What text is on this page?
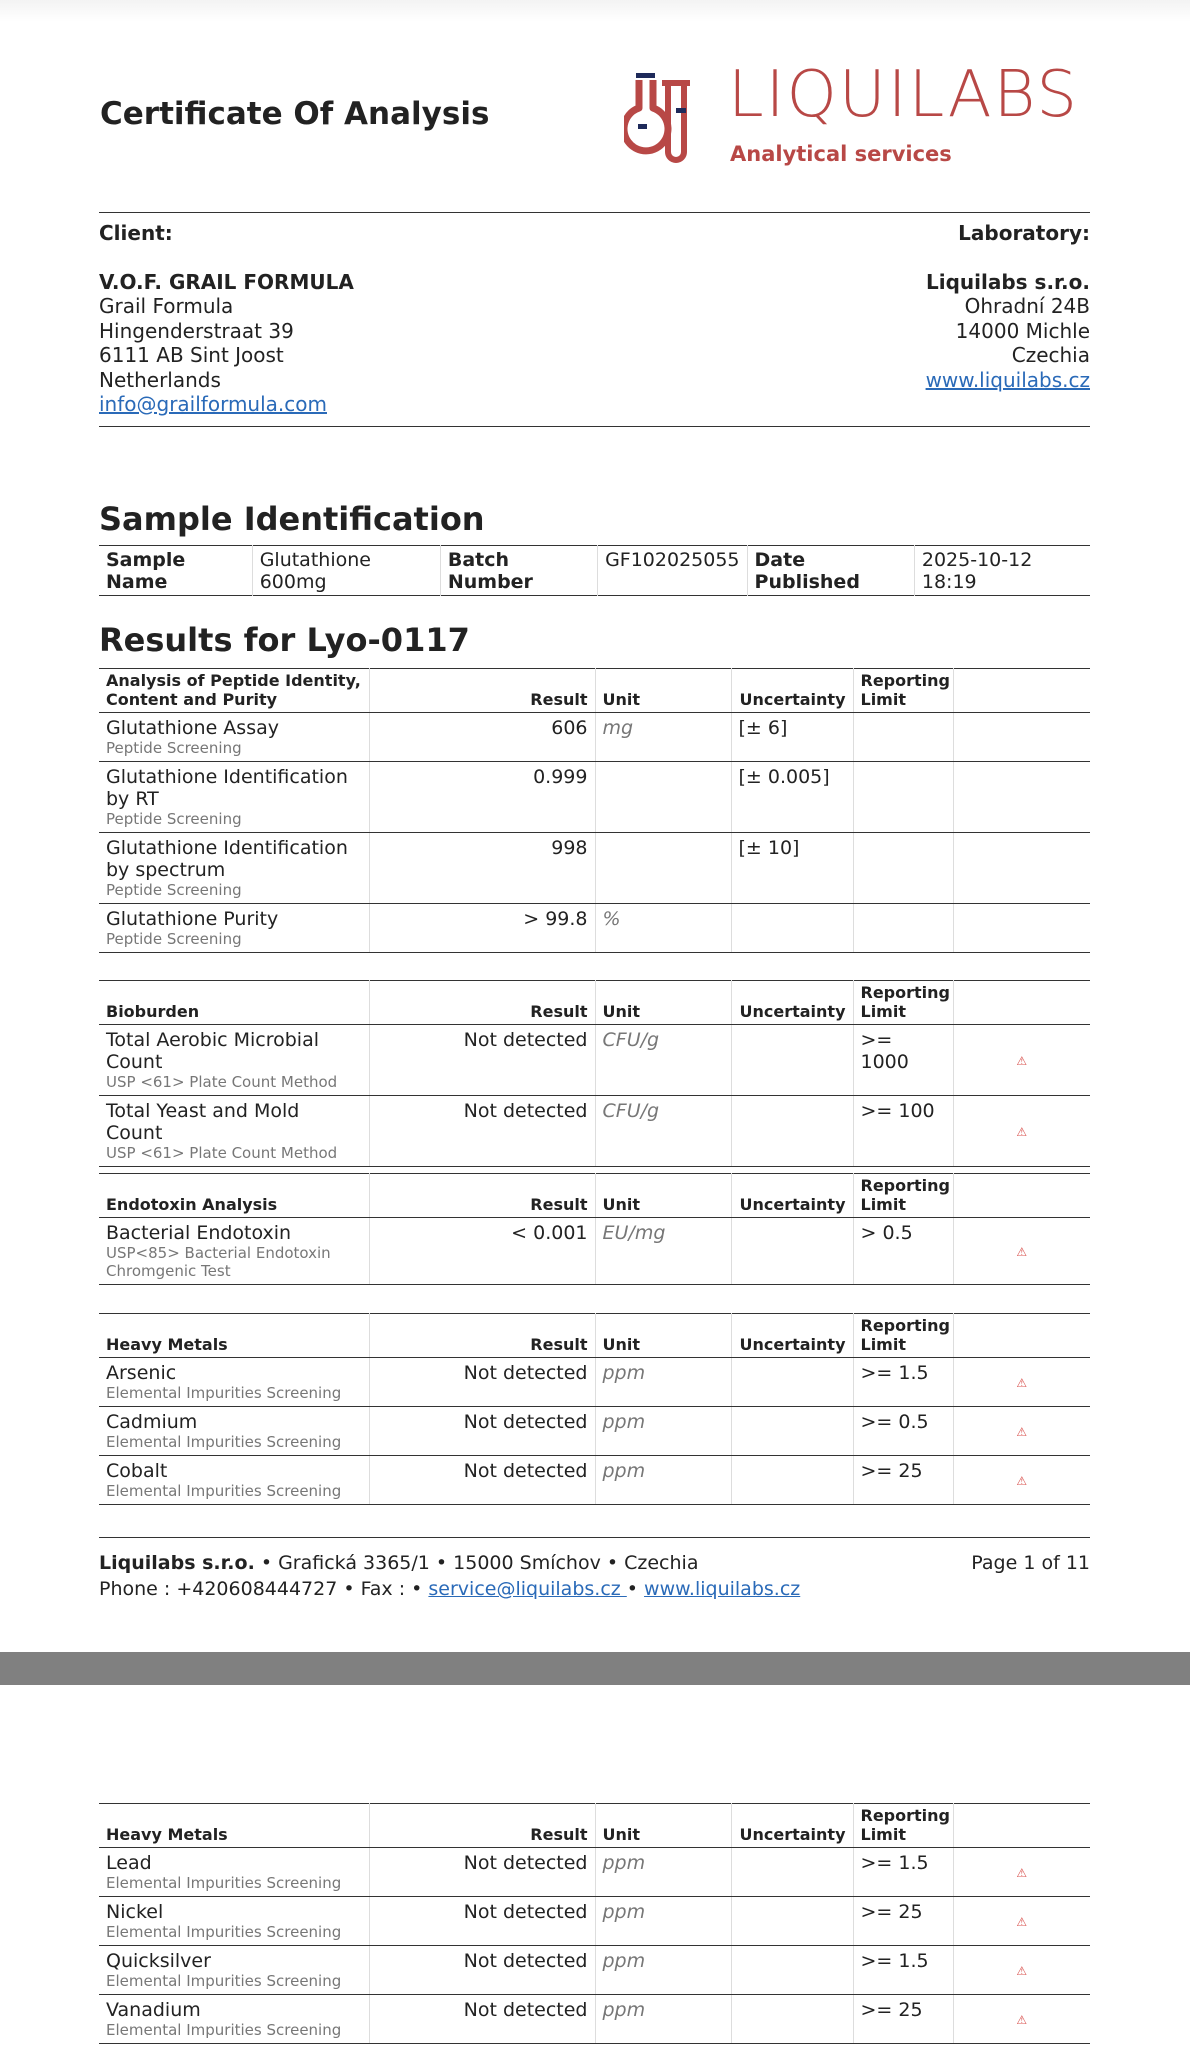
Certificate Of Analysis	LIQUILABS
Analytical services
Client:
V.O.F. GRAIL FORMULA
Grail Formula
Hingenderstraat 39
6111 AB Sint Joost
Netherlands
info@grailformula.com
Laboratory:
Liquilabs s.r.o.
Ohradní 24B
14000 Michle
Czechia
www.liquilabs.cz
Sample Identification
Sample Name	Glutathione 600mg	Batch Number	GF102025055	Date Published	2025-10-12 18:19
Results for Lyo-0117
Analysis of Peptide Identity, Content and Purity	Result	Unit	Uncertainty	Reporting Limit	

Glutathione Assay
Peptide Screening	606	mg	[± 6]		

Glutathione Identification by RT
Peptide Screening	0.999		[± 0.005]		

Glutathione Identification by spectrum
Peptide Screening	998		[± 10]		

Glutathione Purity
Peptide Screening	> 99.8	%			
Bioburden	Result	Unit	Uncertainty	Reporting Limit	

Total Aerobic Microbial Count
USP <61> Plate Count Method	Not detected	CFU/g		>= 1000	⚠

Total Yeast and Mold Count
USP <61> Plate Count Method	Not detected	CFU/g		>= 100	⚠
Endotoxin Analysis	Result	Unit	Uncertainty	Reporting Limit	

Bacterial Endotoxin
USP<85> Bacterial Endotoxin Chromgenic Test	< 0.001	EU/mg		> 0.5	⚠
Heavy Metals	Result	Unit	Uncertainty	Reporting Limit	

Arsenic
Elemental Impurities Screening	Not detected	ppm		>= 1.5	⚠

Cadmium
Elemental Impurities Screening	Not detected	ppm		>= 0.5	⚠

Cobalt
Elemental Impurities Screening	Not detected	ppm		>= 25	⚠
Liquilabs s.r.o. • Grafická 3365/1 • 15000 Smíchov • Czechia
Phone : +420608444727 • Fax : • service@liquilabs.cz • www.liquilabs.cz
Page 1 of 11
Heavy Metals	Result	Unit	Uncertainty	Reporting Limit	

Lead
Elemental Impurities Screening	Not detected	ppm		>= 1.5	⚠

Nickel
Elemental Impurities Screening	Not detected	ppm		>= 25	⚠

Quicksilver
Elemental Impurities Screening	Not detected	ppm		>= 1.5	⚠

Vanadium
Elemental Impurities Screening	Not detected	ppm		>= 25	⚠
